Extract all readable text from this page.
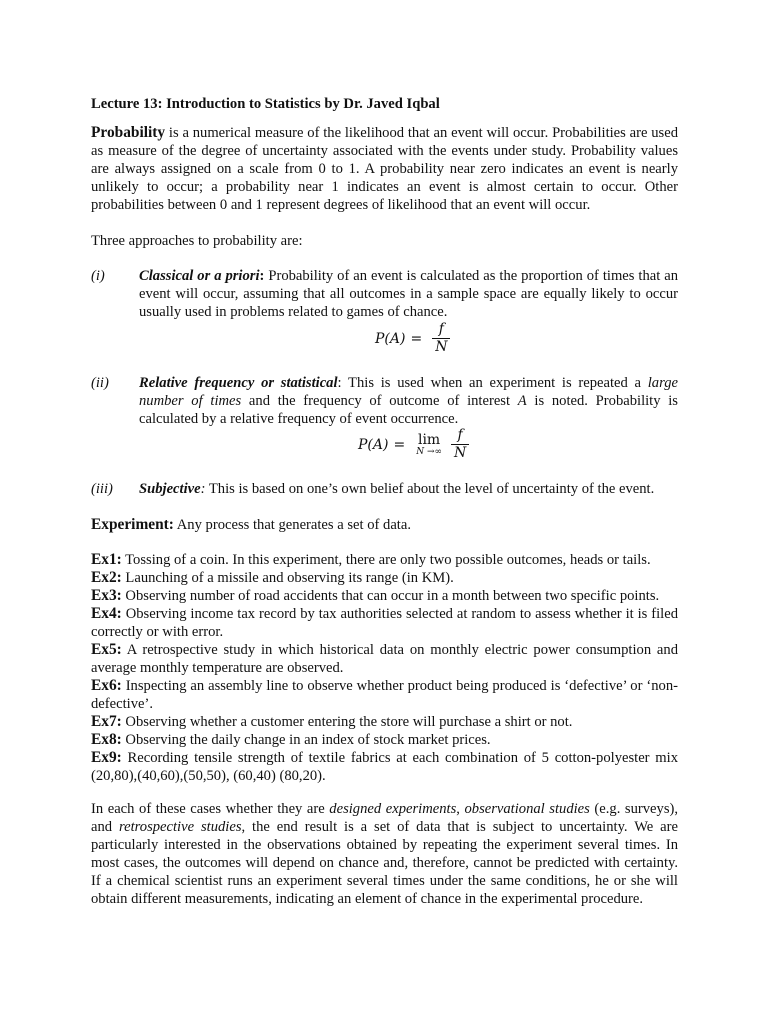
Lecture 13: Introduction to Statistics by Dr. Javed Iqbal

Probability is a numerical measure of the likelihood that an event will occur. Probabilities are used as measure of the degree of uncertainty associated with the events under study. Probability values are always assigned on a scale from 0 to 1. A probability near zero indicates an event is nearly unlikely to occur; a probability near 1 indicates an event is almost certain to occur. Other probabilities between 0 and 1 represent degrees of likelihood that an event will occur.

Three approaches to probability are:

(i) Classical or a priori: Probability of an event is calculated as the proportion of times that an event will occur, assuming that all outcomes in a sample space are equally likely to occur usually used in problems related to games of chance.

$P(A) = \frac{f}{N}$
(ii) Relative frequency or statistical: This is used when an experiment is repeated a large number of times and the frequency of outcome of interest A is noted. Probability is calculated by a relative frequency of event occurrence.

P(A) = lim
N →∞ $\frac{f}{N}$
(iii) Subjective: This is based on one’s own belief about the level of uncertainty of the event.

Experiment: Any process that generates a set of data.

Ex1: Tossing of a coin. In this experiment, there are only two possible outcomes, heads or tails.

Ex2: Launching of a missile and observing its range (in KM).

Ex3: Observing number of road accidents that can occur in a month between two specific points.

Ex4: Observing income tax record by tax authorities selected at random to assess whether it is filed correctly or with error.

Ex5: A retrospective study in which historical data on monthly electric power consumption and average monthly temperature are observed.

Ex6: Inspecting an assembly line to observe whether product being produced is ‘defective’ or ‘non-defective’.

Ex7: Observing whether a customer entering the store will purchase a shirt or not.

Ex8: Observing the daily change in an index of stock market prices.

Ex9: Recording tensile strength of textile fabrics at each combination of 5 cotton-polyester mix (20,80),(40,60),(50,50), (60,40) (80,20).

In each of these cases whether they are designed experiments, observational studies (e.g. surveys), and retrospective studies, the end result is a set of data that is subject to uncertainty. We are particularly interested in the observations obtained by repeating the experiment several times. In most cases, the outcomes will depend on chance and, therefore, cannot be predicted with certainty. If a chemical scientist runs an experiment several times under the same conditions, he or she will obtain different measurements, indicating an element of chance in the experimental procedure.
